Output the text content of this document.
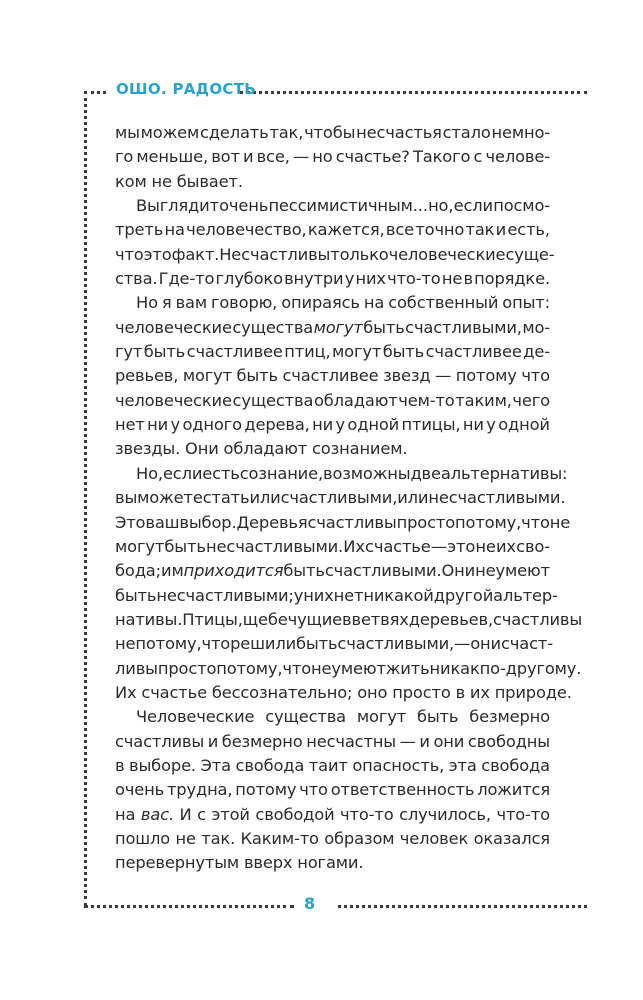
ОШО. РАДОСТЬ
мы можем сделать так, чтобы несчастья стало немно-
го меньше, вот и все, — но счастье? Такого с челове-
ком не бывает.
Выглядит очень пессимистичным... но, если посмо-
треть на человечество, кажется, все точно так и есть,
что это факт. Несчастливы только человеческие суще-
ства. Где-то глубоко внутри у них что-то не в порядке.
Но я вам говорю, опираясь на собственный опыт:
человеческие существа могут быть счастливыми, мо-
гут быть счастливее птиц, могут быть счастливее де-
ревьев, могут быть счастливее звезд — потому что
человеческие существа обладают чем-то таким, чего
нет ни у одного дерева, ни у одной птицы, ни у одной
звезды. Они обладают сознанием.
Но, если есть сознание, возможны две альтернативы:
вы можете стать или счастливыми, или несчастливыми.
Это ваш выбор. Деревья счастливы просто потому, что не
могут быть несчастливыми. Их счастье — это не их сво-
бода; им приходится быть счастливыми. Они не умеют
быть несчастливыми; у них нет никакой другой альтер-
нативы. Птицы, щебечущие в ветвях деревьев, счастливы
не потому, что решили быть счастливыми, — они счаст-
ливы просто потому, что не умеют жить никак по-другому.
Их счастье бессознательно; оно просто в их природе.
Человеческие существа могут быть безмерно
счастливы и безмерно несчастны — и они свободны
в выборе. Эта свобода таит опасность, эта свобода
очень трудна, потому что ответственность ложится
на вас. И с этой свободой что-то случилось, что-то
пошло не так. Каким-то образом человек оказался
перевернутым вверх ногами.
8
